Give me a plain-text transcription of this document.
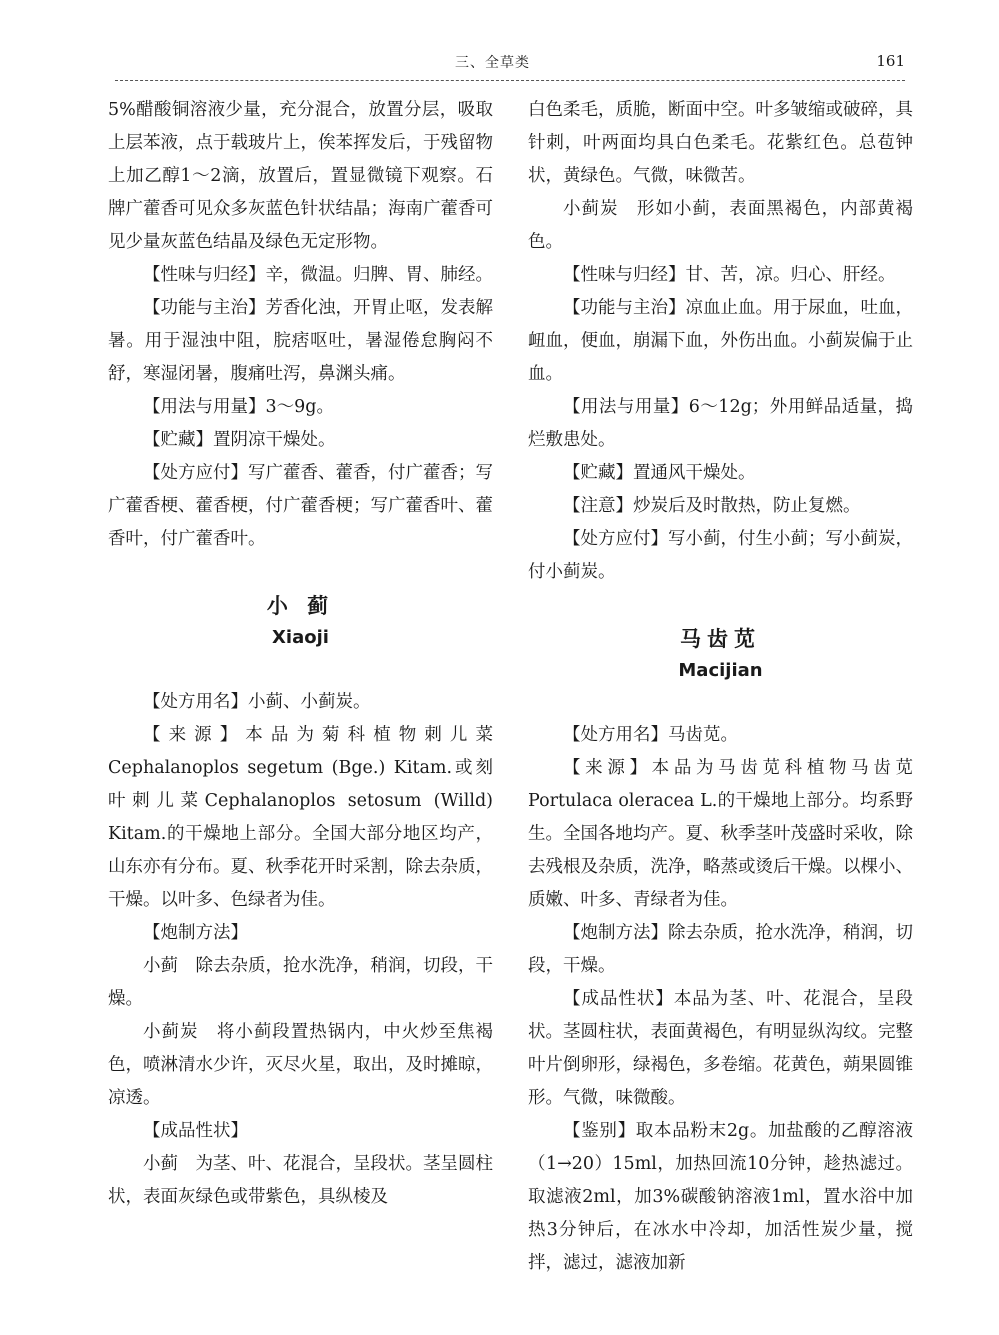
三、全草类	161

5%醋酸铜溶液少量，充分混合，放置分层，吸取上层苯液，点于载玻片上，俟苯挥发后，于残留物上加乙醇1～2滴，放置后，置显微镜下观察。石牌广藿香可见众多灰蓝色针状结晶；海南广藿香可见少量灰蓝色结晶及绿色无定形物。

【性味与归经】辛，微温。归脾、胃、肺经。

【功能与主治】芳香化浊，开胃止呕，发表解暑。用于湿浊中阻，脘痞呕吐，暑湿倦怠胸闷不舒，寒湿闭暑，腹痛吐泻，鼻渊头痛。

【用法与用量】3～9g。

【贮藏】置阴凉干燥处。

【处方应付】写广藿香、藿香，付广藿香；写广藿香梗、藿香梗，付广藿香梗；写广藿香叶、藿香叶，付广藿香叶。

小 蓟

Xiaoji

【处方用名】小蓟、小蓟炭。

【来源】本品为菊科植物刺儿菜Cephalanoplos segetum (Bge.) Kitam.或刻叶刺儿菜Cephalanoplos setosum (Willd) Kitam.的干燥地上部分。全国大部分地区均产，山东亦有分布。夏、秋季花开时采割，除去杂质，干燥。以叶多、色绿者为佳。

【炮制方法】

小蓟　除去杂质，抢水洗净，稍润，切段，干燥。

小蓟炭　将小蓟段置热锅内，中火炒至焦褐色，喷淋清水少许，灭尽火星，取出，及时摊晾，凉透。

【成品性状】

小蓟　为茎、叶、花混合，呈段状。茎呈圆柱状，表面灰绿色或带紫色，具纵棱及

白色柔毛，质脆，断面中空。叶多皱缩或破碎，具针刺，叶两面均具白色柔毛。花紫红色。总苞钟状，黄绿色。气微，味微苦。

小蓟炭　形如小蓟，表面黑褐色，内部黄褐色。

【性味与归经】甘、苦，凉。归心、肝经。

【功能与主治】凉血止血。用于尿血，吐血，衄血，便血，崩漏下血，外伤出血。小蓟炭偏于止血。

【用法与用量】6～12g；外用鲜品适量，捣烂敷患处。

【贮藏】置通风干燥处。

【注意】炒炭后及时散热，防止复燃。

【处方应付】写小蓟，付生小蓟；写小蓟炭，付小蓟炭。

马齿苋

Macijian

【处方用名】马齿苋。

【来源】本品为马齿苋科植物马齿苋Portulaca oleracea L.的干燥地上部分。均系野生。全国各地均产。夏、秋季茎叶茂盛时采收，除去残根及杂质，洗净，略蒸或烫后干燥。以棵小、质嫩、叶多、青绿者为佳。

【炮制方法】除去杂质，抢水洗净，稍润，切段，干燥。

【成品性状】本品为茎、叶、花混合，呈段状。茎圆柱状，表面黄褐色，有明显纵沟纹。完整叶片倒卵形，绿褐色，多卷缩。花黄色，蒴果圆锥形。气微，味微酸。

【鉴别】取本品粉末2g。加盐酸的乙醇溶液（1→20）15ml，加热回流10分钟，趁热滤过。取滤液2ml，加3%碳酸钠溶液1ml，置水浴中加热3分钟后，在冰水中冷却，加活性炭少量，搅拌，滤过，滤液加新
